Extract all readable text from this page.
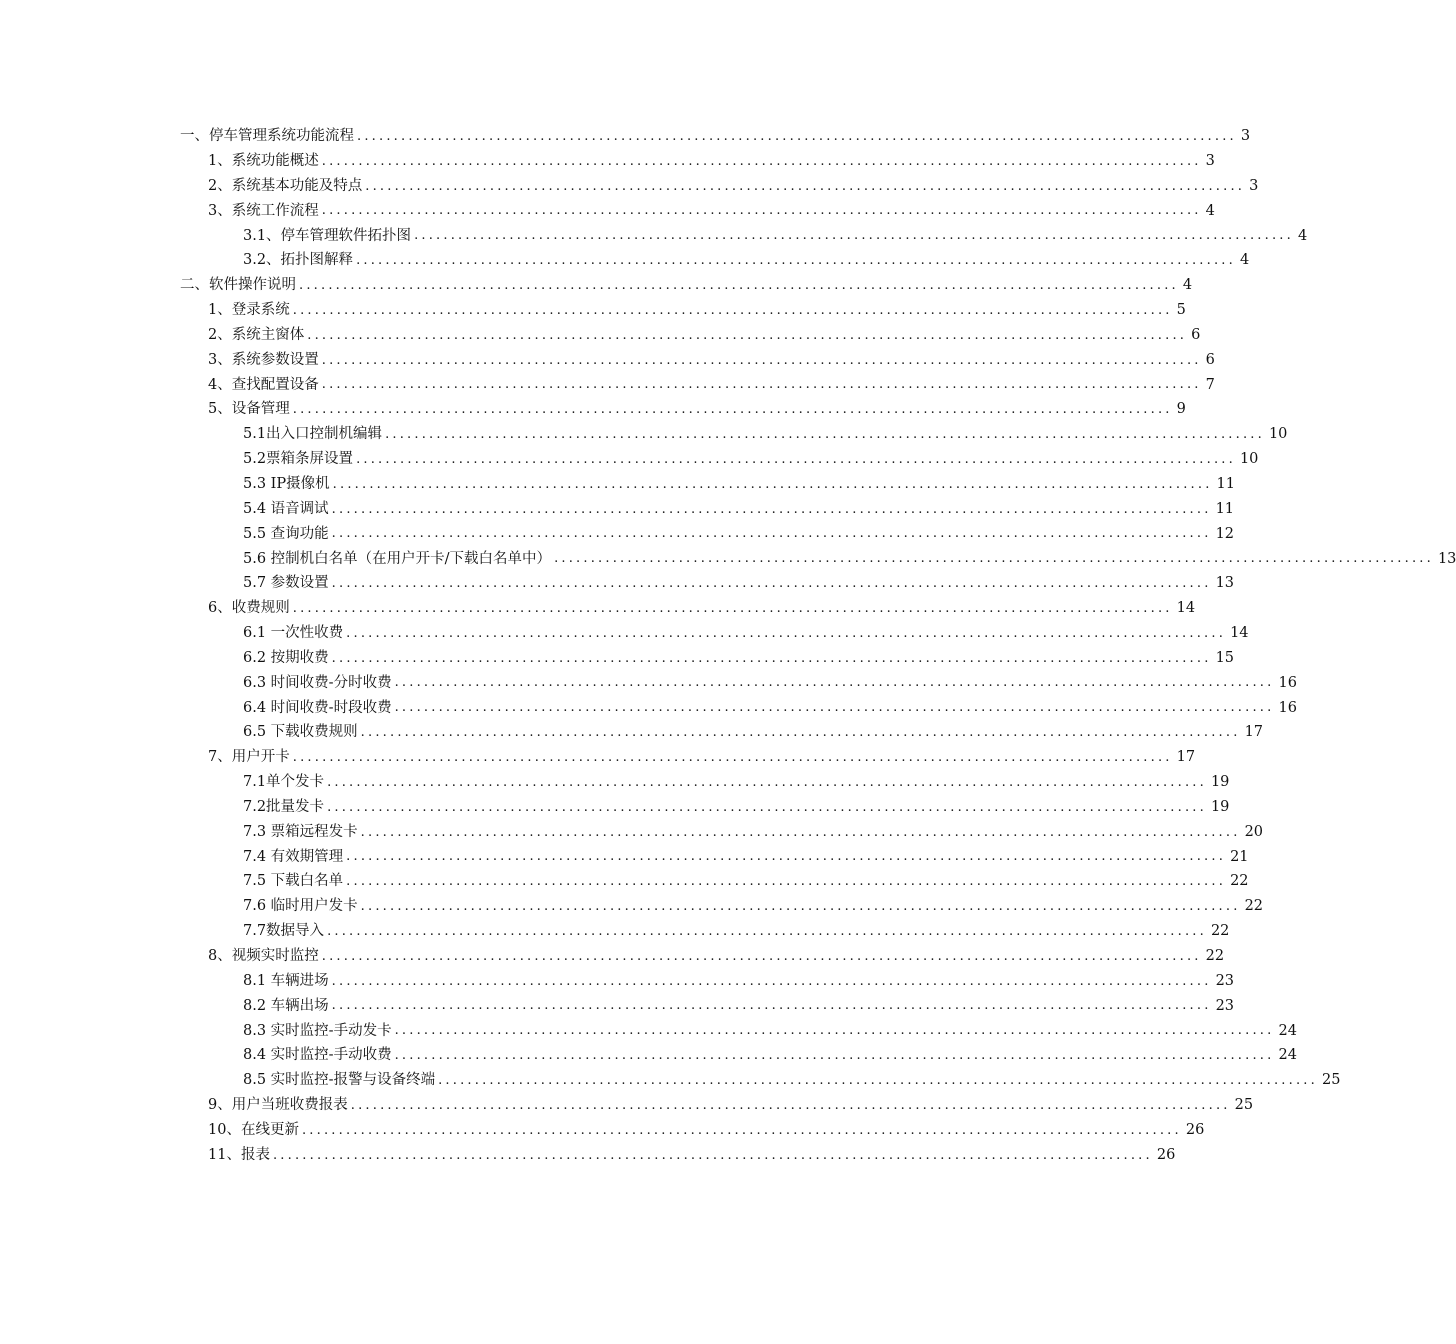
一、停车管理系统功能流程 ........................................................................................................................ 3
1、系统功能概述 ........................................................................................................................ 3
2、系统基本功能及特点 ........................................................................................................................ 3
3、系统工作流程 ........................................................................................................................ 4
3.1、停车管理软件拓扑图 ........................................................................................................................ 4
3.2、拓扑图解释 ........................................................................................................................ 4
二、软件操作说明 ........................................................................................................................ 4
1、登录系统 ........................................................................................................................ 5
2、系统主窗体 ........................................................................................................................ 6
3、系统参数设置 ........................................................................................................................ 6
4、查找配置设备 ........................................................................................................................ 7
5、设备管理 ........................................................................................................................ 9
5.1出入口控制机编辑 ........................................................................................................................ 10
5.2票箱条屏设置 ........................................................................................................................ 10
5.3 IP摄像机 ........................................................................................................................ 11
5.4 语音调试 ........................................................................................................................ 11
5.5 查询功能 ........................................................................................................................ 12
5.6 控制机白名单（在用户开卡/下载白名单中） ........................................................................................................................ 13
5.7 参数设置 ........................................................................................................................ 13
6、收费规则 ........................................................................................................................ 14
6.1 一次性收费 ........................................................................................................................ 14
6.2 按期收费 ........................................................................................................................ 15
6.3 时间收费-分时收费 ........................................................................................................................ 16
6.4 时间收费-时段收费 ........................................................................................................................ 16
6.5 下载收费规则 ........................................................................................................................ 17
7、用户开卡 ........................................................................................................................ 17
7.1单个发卡 ........................................................................................................................ 19
7.2批量发卡 ........................................................................................................................ 19
7.3 票箱远程发卡 ........................................................................................................................ 20
7.4 有效期管理 ........................................................................................................................ 21
7.5 下载白名单 ........................................................................................................................ 22
7.6 临时用户发卡 ........................................................................................................................ 22
7.7数据导入 ........................................................................................................................ 22
8、视频实时监控 ........................................................................................................................ 22
8.1 车辆进场 ........................................................................................................................ 23
8.2 车辆出场 ........................................................................................................................ 23
8.3 实时监控-手动发卡 ........................................................................................................................ 24
8.4 实时监控-手动收费 ........................................................................................................................ 24
8.5 实时监控-报警与设备终端 ........................................................................................................................ 25
9、用户当班收费报表 ........................................................................................................................ 25
10、在线更新 ........................................................................................................................ 26
11、报表 ........................................................................................................................ 26
